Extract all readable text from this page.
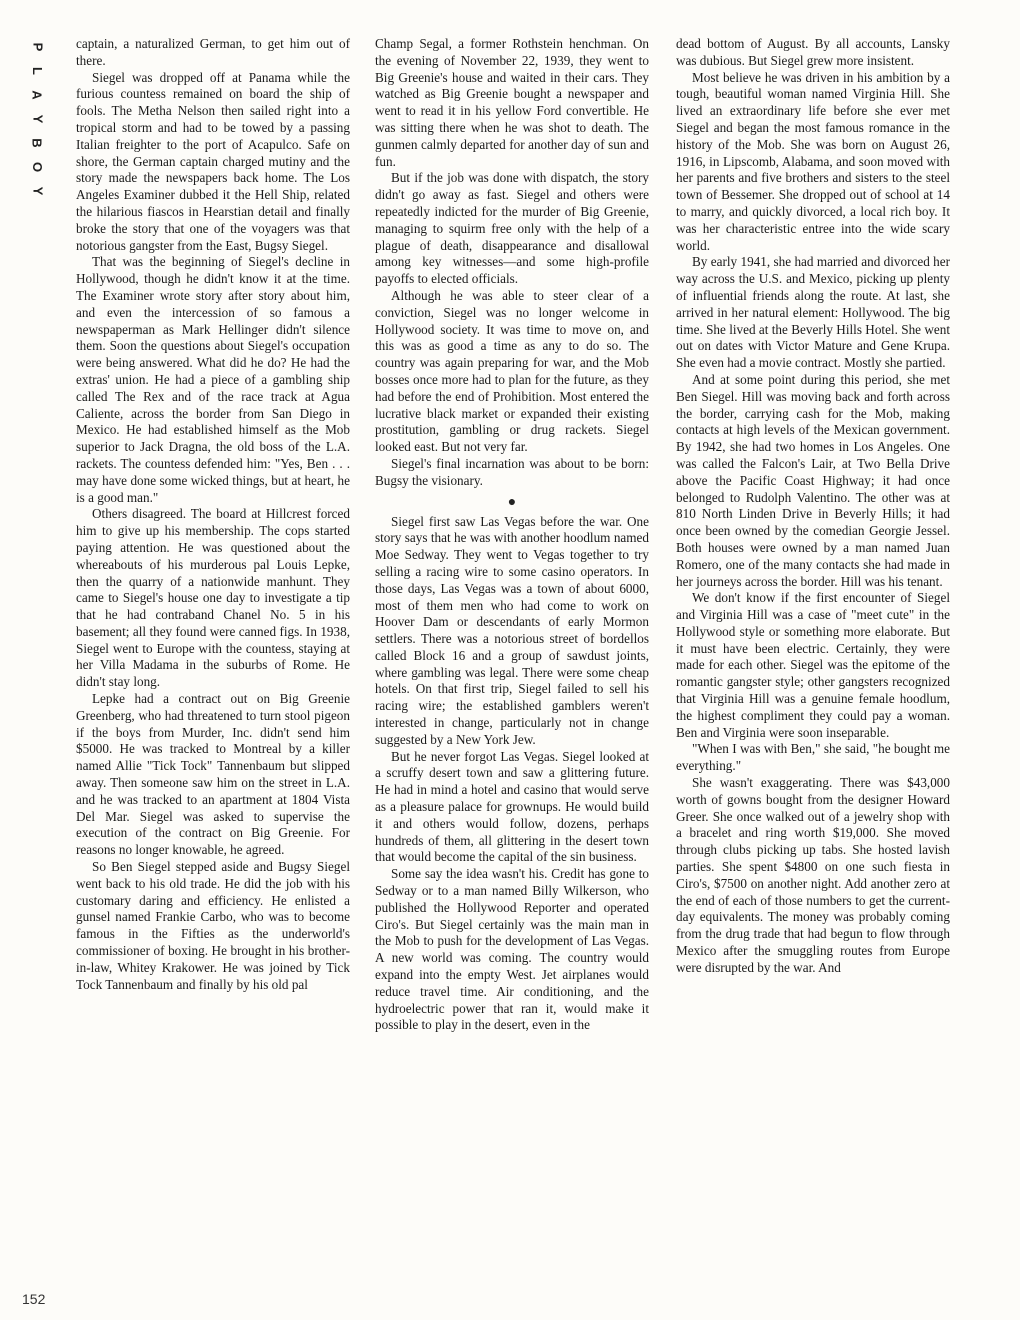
P
L
A
Y
B
O
Y
152

captain, a naturalized German, to get him out of there.

Siegel was dropped off at Panama while the furious countess remained on board the ship of fools. The Metha Nelson then sailed right into a tropical storm and had to be towed by a passing Italian freighter to the port of Acapulco. Safe on shore, the German captain charged mutiny and the story made the newspapers back home. The Los Angeles Examiner dubbed it the Hell Ship, related the hilarious fiascos in Hearstian detail and finally broke the story that one of the voyagers was that notorious gangster from the East, Bugsy Siegel.

That was the beginning of Siegel's decline in Hollywood, though he didn't know it at the time. The Examiner wrote story after story about him, and even the intercession of so famous a newspaperman as Mark Hellinger didn't silence them. Soon the questions about Siegel's occupation were being answered. What did he do? He had the extras' union. He had a piece of a gambling ship called The Rex and of the race track at Agua Caliente, across the border from San Diego in Mexico. He had established himself as the Mob superior to Jack Dragna, the old boss of the L.A. rackets. The countess defended him: "Yes, Ben . . . may have done some wicked things, but at heart, he is a good man."

Others disagreed. The board at Hillcrest forced him to give up his membership. The cops started paying attention. He was questioned about the whereabouts of his murderous pal Louis Lepke, then the quarry of a nationwide manhunt. They came to Siegel's house one day to investigate a tip that he had contraband Chanel No. 5 in his basement; all they found were canned figs. In 1938, Siegel went to Europe with the countess, staying at her Villa Madama in the suburbs of Rome. He didn't stay long.

Lepke had a contract out on Big Greenie Greenberg, who had threatened to turn stool pigeon if the boys from Murder, Inc. didn't send him $5000. He was tracked to Montreal by a killer named Allie "Tick Tock" Tannenbaum but slipped away. Then someone saw him on the street in L.A. and he was tracked to an apartment at 1804 Vista Del Mar. Siegel was asked to supervise the execution of the contract on Big Greenie. For reasons no longer knowable, he agreed.

So Ben Siegel stepped aside and Bugsy Siegel went back to his old trade. He did the job with his customary daring and efficiency. He enlisted a gunsel named Frankie Carbo, who was to become famous in the Fifties as the underworld's commissioner of boxing. He brought in his brother-in-law, Whitey Krakower. He was joined by Tick Tock Tannenbaum and finally by his old pal

Champ Segal, a former Rothstein henchman. On the evening of November 22, 1939, they went to Big Greenie's house and waited in their cars. They watched as Big Greenie bought a newspaper and went to read it in his yellow Ford convertible. He was sitting there when he was shot to death. The gunmen calmly departed for another day of sun and fun.

But if the job was done with dispatch, the story didn't go away as fast. Siegel and others were repeatedly indicted for the murder of Big Greenie, managing to squirm free only with the help of a plague of death, disappearance and disallowal among key witnesses—and some high-profile payoffs to elected officials.

Although he was able to steer clear of a conviction, Siegel was no longer welcome in Hollywood society. It was time to move on, and this was as good a time as any to do so. The country was again preparing for war, and the Mob bosses once more had to plan for the future, as they had before the end of Prohibition. Most entered the lucrative black market or expanded their existing prostitution, gambling or drug rackets. Siegel looked east. But not very far.

Siegel's final incarnation was about to be born: Bugsy the visionary.

●

Siegel first saw Las Vegas before the war. One story says that he was with another hoodlum named Moe Sedway. They went to Vegas together to try selling a racing wire to some casino operators. In those days, Las Vegas was a town of about 6000, most of them men who had come to work on Hoover Dam or descendants of early Mormon settlers. There was a notorious street of bordellos called Block 16 and a group of sawdust joints, where gambling was legal. There were some cheap hotels. On that first trip, Siegel failed to sell his racing wire; the established gamblers weren't interested in change, particularly not in change suggested by a New York Jew.

But he never forgot Las Vegas. Siegel looked at a scruffy desert town and saw a glittering future. He had in mind a hotel and casino that would serve as a pleasure palace for grownups. He would build it and others would follow, dozens, perhaps hundreds of them, all glittering in the desert town that would become the capital of the sin business.

Some say the idea wasn't his. Credit has gone to Sedway or to a man named Billy Wilkerson, who published the Hollywood Reporter and operated Ciro's. But Siegel certainly was the main man in the Mob to push for the development of Las Vegas. A new world was coming. The country would expand into the empty West. Jet airplanes would reduce travel time. Air conditioning, and the hydroelectric power that ran it, would make it possible to play in the desert, even in the

dead bottom of August. By all accounts, Lansky was dubious. But Siegel grew more insistent.

Most believe he was driven in his ambition by a tough, beautiful woman named Virginia Hill. She lived an extraordinary life before she ever met Siegel and began the most famous romance in the history of the Mob. She was born on August 26, 1916, in Lipscomb, Alabama, and soon moved with her parents and five brothers and sisters to the steel town of Bessemer. She dropped out of school at 14 to marry, and quickly divorced, a local rich boy. It was her characteristic entree into the wide scary world.

By early 1941, she had married and divorced her way across the U.S. and Mexico, picking up plenty of influential friends along the route. At last, she arrived in her natural element: Hollywood. The big time. She lived at the Beverly Hills Hotel. She went out on dates with Victor Mature and Gene Krupa. She even had a movie contract. Mostly she partied.

And at some point during this period, she met Ben Siegel. Hill was moving back and forth across the border, carrying cash for the Mob, making contacts at high levels of the Mexican government. By 1942, she had two homes in Los Angeles. One was called the Falcon's Lair, at Two Bella Drive above the Pacific Coast Highway; it had once belonged to Rudolph Valentino. The other was at 810 North Linden Drive in Beverly Hills; it had once been owned by the comedian Georgie Jessel. Both houses were owned by a man named Juan Romero, one of the many contacts she had made in her journeys across the border. Hill was his tenant.

We don't know if the first encounter of Siegel and Virginia Hill was a case of "meet cute" in the Hollywood style or something more elaborate. But it must have been electric. Certainly, they were made for each other. Siegel was the epitome of the romantic gangster style; other gangsters recognized that Virginia Hill was a genuine female hoodlum, the highest compliment they could pay a woman. Ben and Virginia were soon inseparable.

"When I was with Ben," she said, "he bought me everything."

She wasn't exaggerating. There was $43,000 worth of gowns bought from the designer Howard Greer. She once walked out of a jewelry shop with a bracelet and ring worth $19,000. She moved through clubs picking up tabs. She hosted lavish parties. She spent $4800 on one such fiesta in Ciro's, $7500 on another night. Add another zero at the end of each of those numbers to get the current-day equivalents. The money was probably coming from the drug trade that had begun to flow through Mexico after the smuggling routes from Europe were disrupted by the war. And
